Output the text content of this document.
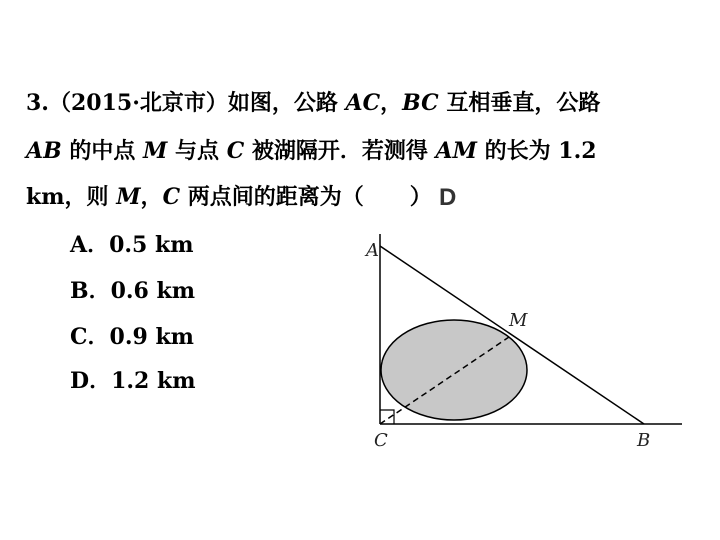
3.（2015·北京市）如图，公路 AC，BC 互相垂直，公路
AB 的中点 M 与点 C 被湖隔开．若测得 AM 的长为 1.2
km，则 M，C 两点间的距离为（ ） D
A．0.5 km
B．0.6 km
C．0.9 km
D．1.2 km
A
M
C	B
